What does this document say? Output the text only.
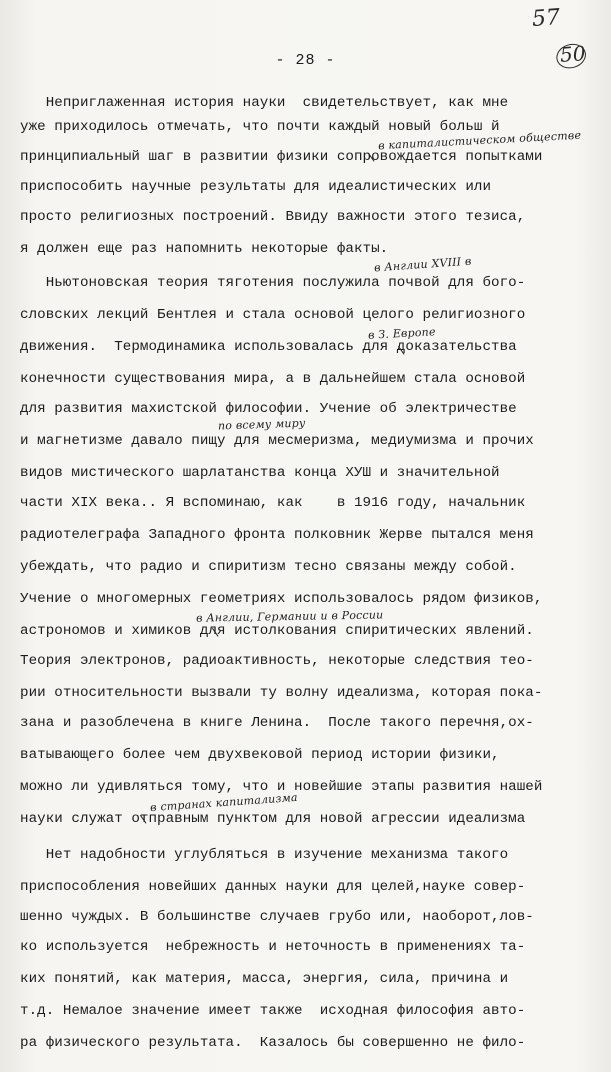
57
50
- 28 -
Неприглаженная история науки  свидетельствует, как мне
уже приходилось отмечать, что почти каждый новый больш й
принципиальный шаг в развитии физики сопровождается попытками
приспособить научные результаты для идеалистических или
просто религиозных построений. Ввиду важности этого тезиса,
я должен еще раз напомнить некоторые факты.
Ньютоновская теория тяготения послужила почвой для бого-
словских лекций Бентлея и стала основой целого религиозного
движения.  Термодинамика использовалась для доказательства
конечности существования мира, а в дальнейшем стала основой
для развития махистской философии. Учение об электричестве
и магнетизме давало пищу для месмеризма, медиумизма и прочих
видов мистического шарлатанства конца XУШ и значительной
части XIX века.. Я вспоминаю, как    в 1916 году, начальник
радиотелеграфа Западного фронта полковник Жерве пытался меня
убеждать, что радио и спиритизм тесно связаны между собой.
Учение о многомерных геометриях использовалось рядом физиков,
астрономов и химиков для истолкования спиритических явлений.
Теория электронов, радиоактивность, некоторые следствия тео-
рии относительности вызвали ту волну идеализма, которая пока-
зана и разоблечена в книге Ленина.  После такого перечня,ох-
ватывающего более чем двухвековой период истории физики,
можно ли удивляться тому, что и новейшие этапы развития нашей
науки служат отправным пунктом для новой агрессии идеализма
Нет надобности углубляться в изучение механизма такого
приспособления новейших данных науки для целей,науке совер-
шенно чуждых. В большинстве случаев грубо или, наоборот,лов-
ко используется  небрежность и неточность в применениях та-
ких понятий, как материя, масса, энергия, сила, причина и
т.д. Немалое значение имеет также  исходная философия авто-
ра физического результата.  Казалось бы совершенно не фило-
в капиталистическом обществе
в Англии XVIII в
в З. Европе
по всему миру
в Англии, Германии и в России
в странах капитализма
